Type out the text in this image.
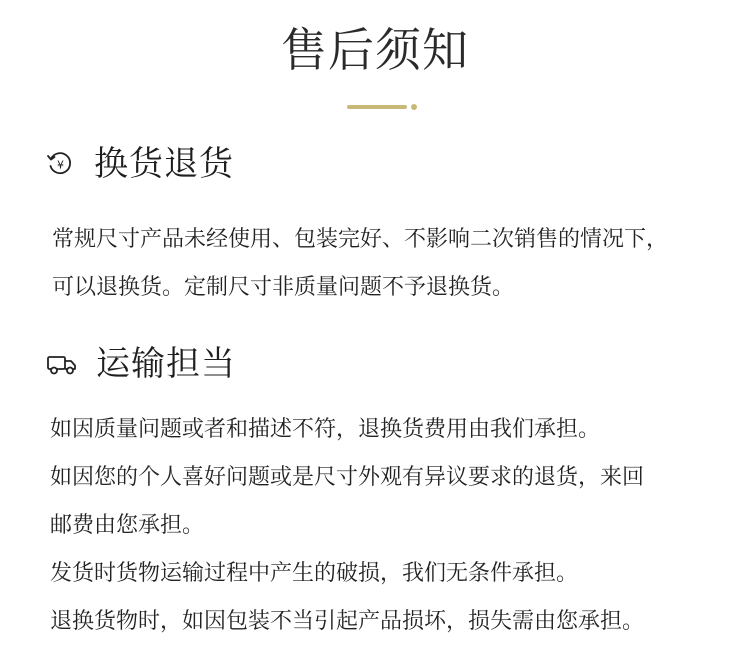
售后须知
¥ 换货退货
常规尺寸产品未经使用、包装完好、不影响二次销售的情况下，
可以退换货。定制尺寸非质量问题不予退换货。
运输担当
如因质量问题或者和描述不符，退换货费用由我们承担。
如因您的个人喜好问题或是尺寸外观有异议要求的退货，来回
邮费由您承担。
发货时货物运输过程中产生的破损，我们无条件承担。
退换货物时，如因包装不当引起产品损坏，损失需由您承担。
